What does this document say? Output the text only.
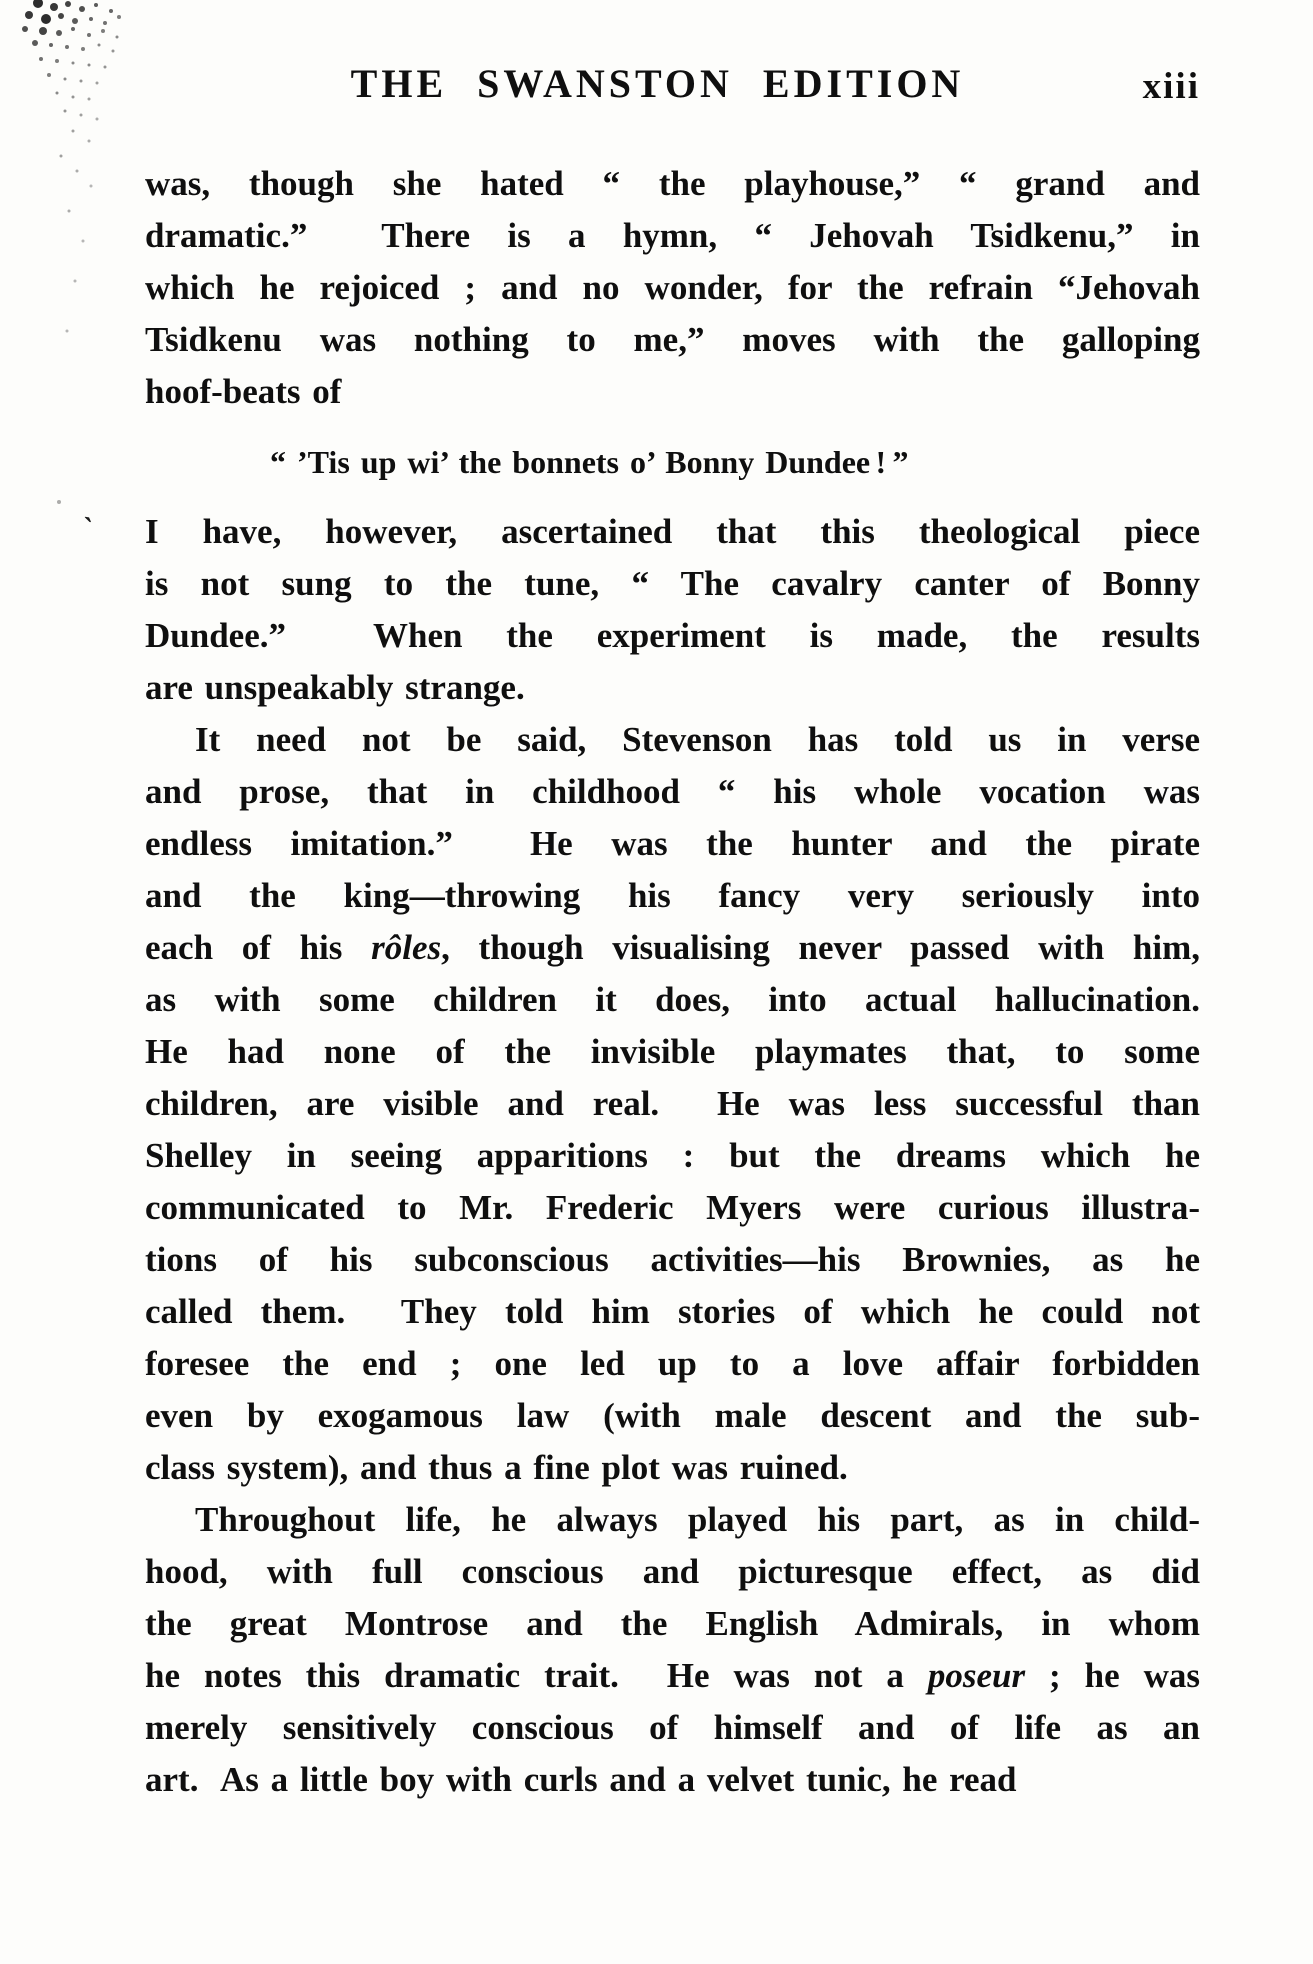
THE SWANSTON EDITION	xiii
`
was, though she hated “ the playhouse,” “ grand and
dramatic.”  There is a hymn, “ Jehovah Tsidkenu,” in
which he rejoiced ; and no wonder, for the refrain “Jehovah
Tsidkenu was nothing to me,” moves with the galloping
hoof-beats of
“ ’Tis up wi’ the bonnets o’ Bonny Dundee ! ”
I have, however, ascertained that this theological piece
is not sung to the tune, “ The cavalry canter of Bonny
Dundee.”  When the experiment is made, the results
are unspeakably strange.
It need not be said, Stevenson has told us in verse
and prose, that in childhood “ his whole vocation was
endless imitation.”  He was the hunter and the pirate
and the king—throwing his fancy very seriously into
each of his rôles, though visualising never passed with him,
as with some children it does, into actual hallucination.
He had none of the invisible playmates that, to some
children, are visible and real.  He was less successful than
Shelley in seeing apparitions : but the dreams which he
communicated to Mr. Frederic Myers were curious illustra-
tions of his subconscious activities—his Brownies, as he
called them.  They told him stories of which he could not
foresee the end ; one led up to a love affair forbidden
even by exogamous law (with male descent and the sub-
class system), and thus a fine plot was ruined.
Throughout life, he always played his part, as in child-
hood, with full conscious and picturesque effect, as did
the great Montrose and the English Admirals, in whom
he notes this dramatic trait.  He was not a poseur ; he was
merely sensitively conscious of himself and of life as an
art.  As a little boy with curls and a velvet tunic, he read
